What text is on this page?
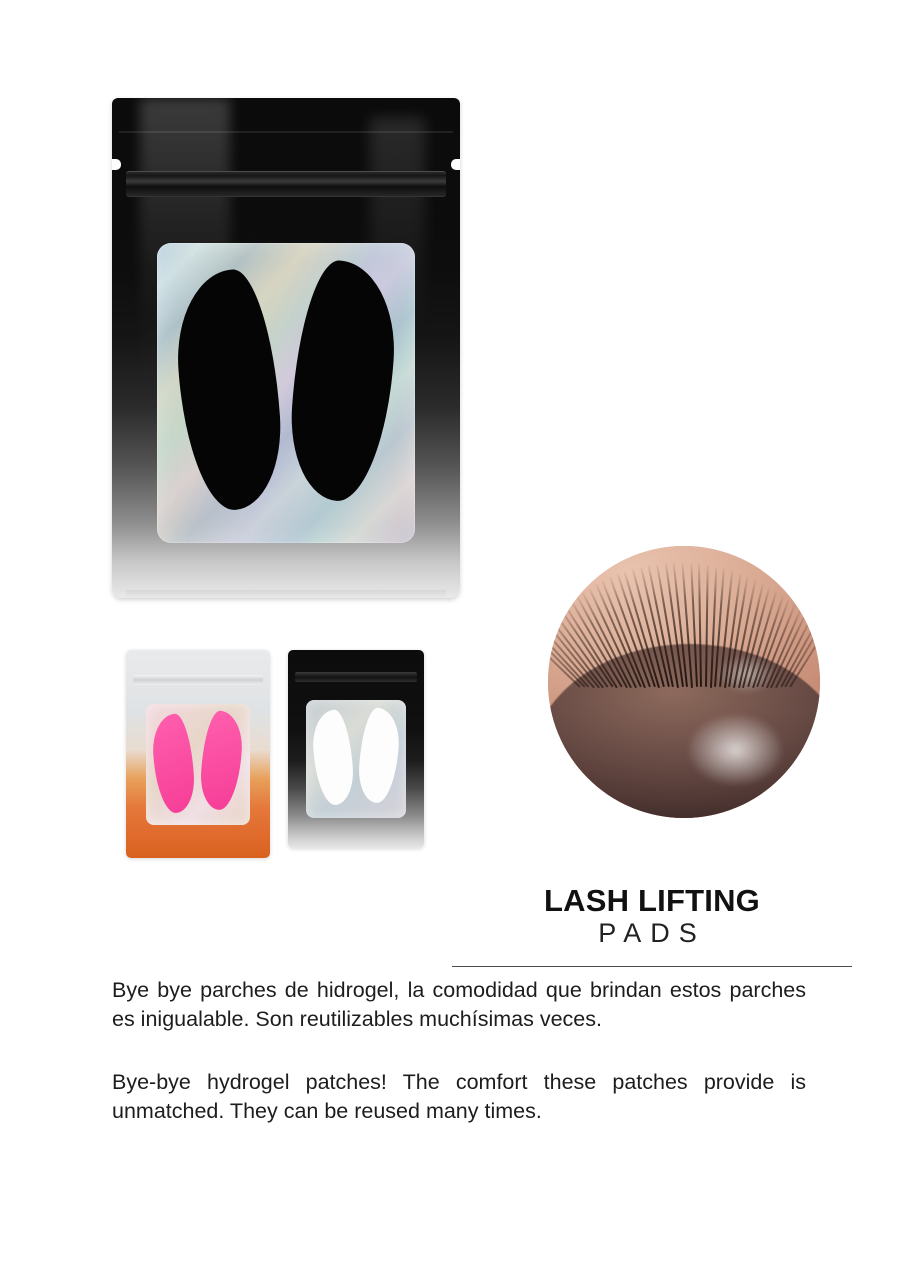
LASH LIFTING
PADS

Bye bye parches de hidrogel, la comodidad que brindan estos parches es inigualable. Son reutilizables muchísimas veces.

Bye-bye hydrogel patches! The comfort these patches provide is unmatched. They can be reused many times.
